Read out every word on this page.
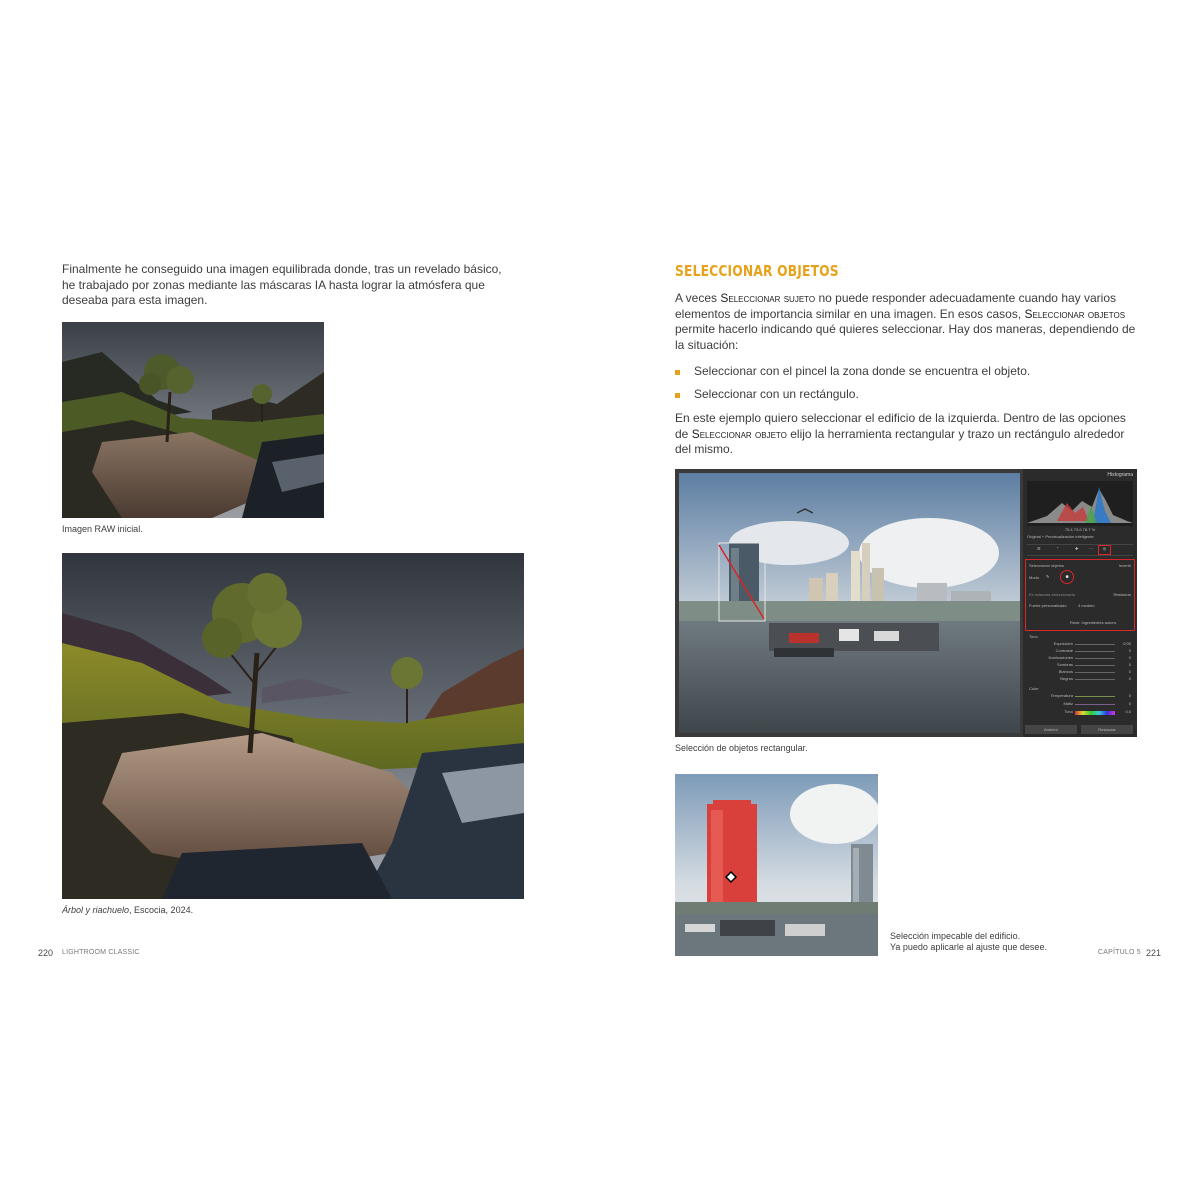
Finalmente he conseguido una imagen equilibrada donde, tras un revelado básico, he trabajado por zonas mediante las máscaras IA hasta lograr la atmósfera que deseaba para esta imagen.

Imagen RAW inicial.
Árbol y riachuelo, Escocia, 2024.
220 LIGHTROOM CLASSIC
SELECCIONAR OBJETOS

A veces Seleccionar sujeto no puede responder adecuadamente cuando hay varios elementos de importancia similar en una imagen. En esos casos, Seleccionar objetos permite hacerlo indicando qué quieres seleccionar. Hay dos maneras, dependiendo de la situación:

Seleccionar con el pincel la zona donde se encuentra el objeto.
Seleccionar con un rectángulo.

En este ejemplo quiero seleccionar el edificio de la izquierda. Dentro de las opciones de Seleccionar objeto elijo la herramienta rectangular y trazo un rectángulo alrededor del mismo.

Histograma
75.4 73.6 78.7 %
Original + Previsualización inteligente
☰	⌜	✚	⋯	◎
Seleccionar objetos	Invertir
Modo ✎	■
En máscara seleccionada	Restaurar
Fuerte personalizado	4 modelo
Restr. Ingredientes autom.
Tono
Exposición	0,00
Contraste	0
Iluminaciones	0
Sombras	0
Blancos	0
Negros	0
Color
Temperatura	0
Matiz	0
Tono	0,0
Anterior	Restaurar
Selección de objetos rectangular.
Selección impecable del edificio.
Ya puedo aplicarle al ajuste que desee.
CAPÍTULO 5 221
